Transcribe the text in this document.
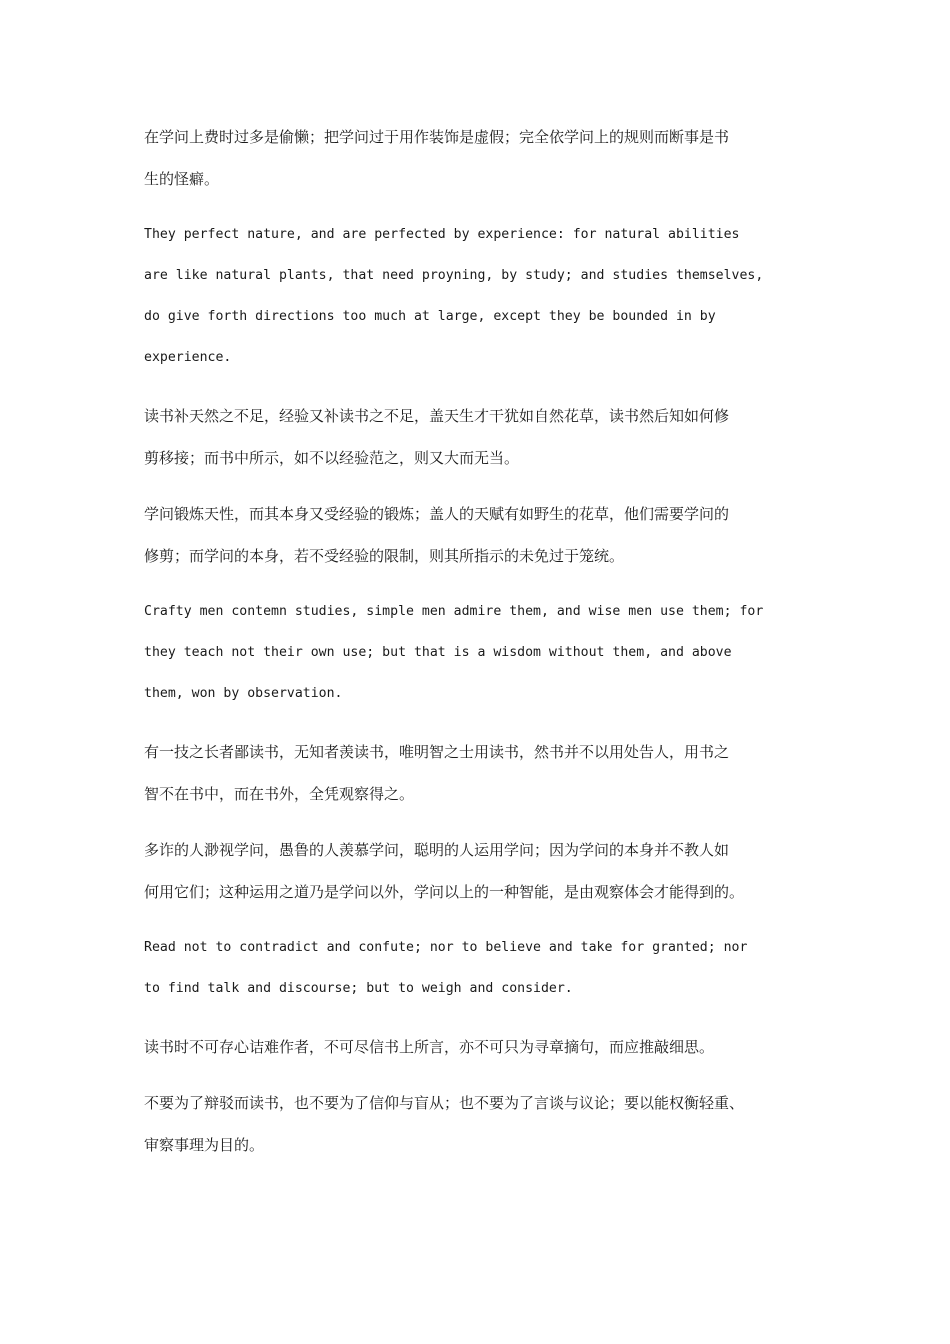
在学问上费时过多是偷懒；把学问过于用作装饰是虚假；完全依学问上的规则而断事是书
生的怪癖。

They perfect nature, and are perfected by experience: for natural abilities
are like natural plants, that need proyning, by study; and studies themselves,
do give forth directions too much at large, except they be bounded in by
experience.

读书补天然之不足，经验又补读书之不足，盖天生才干犹如自然花草，读书然后知如何修
剪移接；而书中所示，如不以经验范之，则又大而无当。

学问锻炼天性，而其本身又受经验的锻炼；盖人的天赋有如野生的花草，他们需要学问的
修剪；而学问的本身，若不受经验的限制，则其所指示的未免过于笼统。

Crafty men contemn studies, simple men admire them, and wise men use them; for
they teach not their own use; but that is a wisdom without them, and above
them, won by observation.

有一技之长者鄙读书，无知者羡读书，唯明智之士用读书，然书并不以用处告人，用书之
智不在书中，而在书外，全凭观察得之。

多诈的人渺视学问，愚鲁的人羡慕学问，聪明的人运用学问；因为学问的本身并不教人如
何用它们；这种运用之道乃是学问以外，学问以上的一种智能，是由观察体会才能得到的。

Read not to contradict and confute; nor to believe and take for granted; nor
to find talk and discourse; but to weigh and consider.

读书时不可存心诘难作者，不可尽信书上所言，亦不可只为寻章摘句，而应推敲细思。

不要为了辩驳而读书，也不要为了信仰与盲从；也不要为了言谈与议论；要以能权衡轻重、
审察事理为目的。
